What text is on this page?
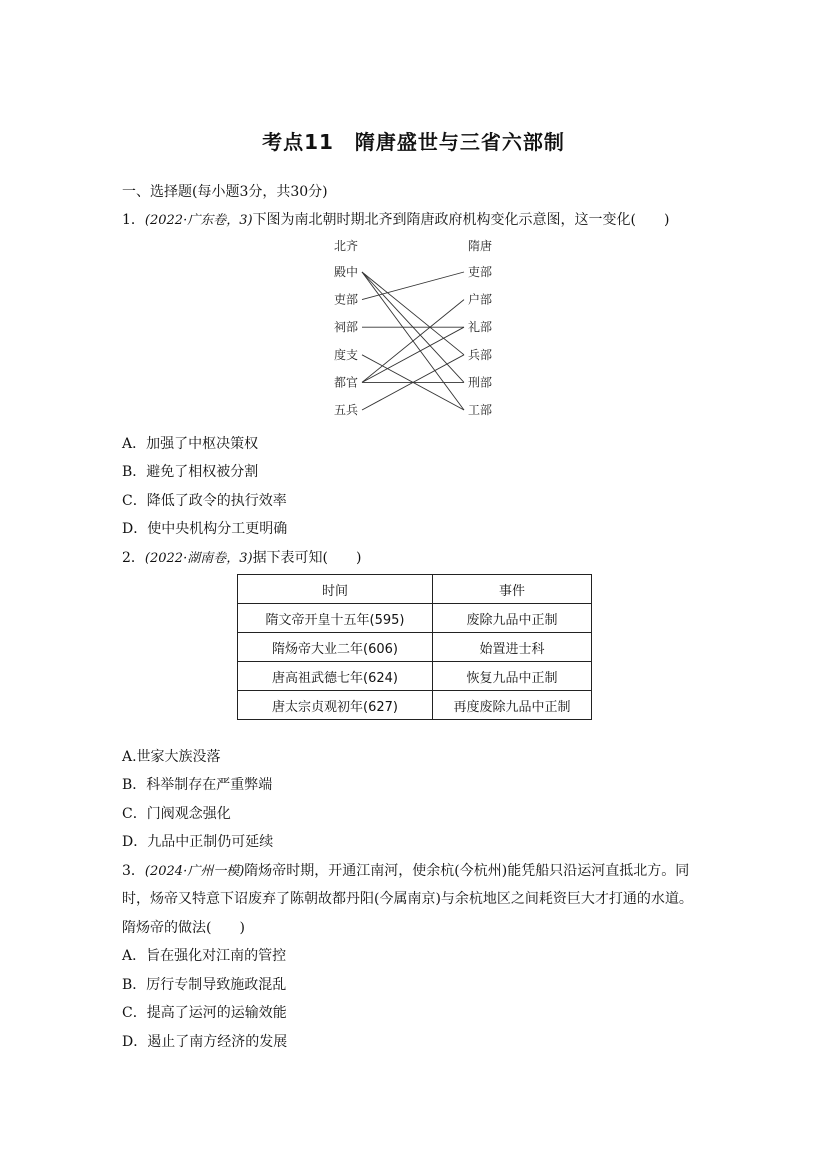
考点11　隋唐盛世与三省六部制
一、选择题(每小题3分，共30分)
1．(2022·广东卷，3)下图为南北朝时期北齐到隋唐政府机构变化示意图，这一变化(　　)
北齐	隋唐
殿中
吏部
祠部
度支
都官
五兵
吏部
户部
礼部
兵部
刑部
工部
A．加强了中枢决策权
B．避免了相权被分割
C．降低了政令的执行效率
D．使中央机构分工更明确
2．(2022·湖南卷，3)据下表可知(　　)
时间	事件
隋文帝开皇十五年(595)	废除九品中正制
隋炀帝大业二年(606)	始置进士科
唐高祖武德七年(624)	恢复九品中正制
唐太宗贞观初年(627)	再度废除九品中正制
A.世家大族没落
B．科举制存在严重弊端
C．门阀观念强化
D．九品中正制仍可延续
3．(2024·广州一模)隋炀帝时期，开通江南河，使余杭(今杭州)能凭船只沿运河直抵北方。同
时，炀帝又特意下诏废弃了陈朝故都丹阳(今属南京)与余杭地区之间耗资巨大才打通的水道。
隋炀帝的做法(　　)
A．旨在强化对江南的管控
B．厉行专制导致施政混乱
C．提高了运河的运输效能
D．遏止了南方经济的发展
